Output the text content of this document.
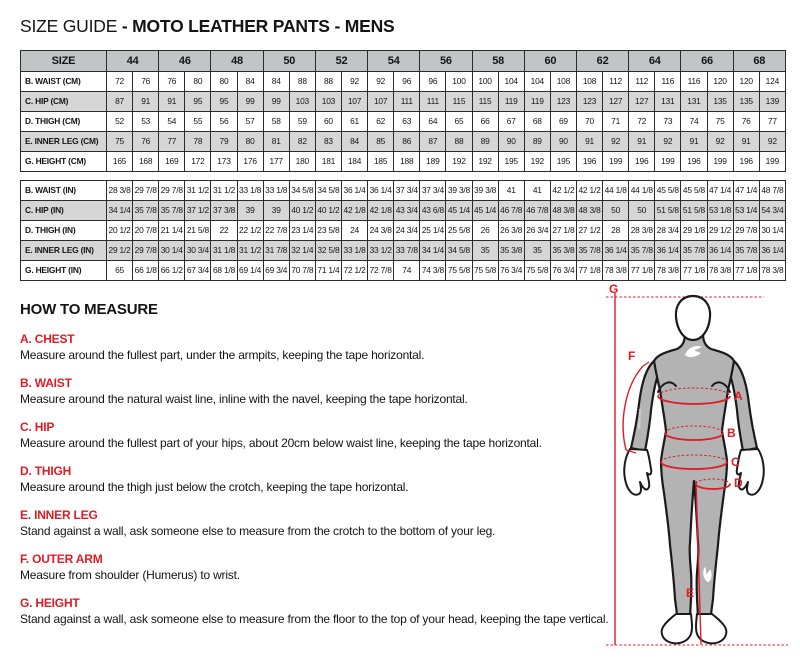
SIZE GUIDE - MOTO LEATHER PANTS - MENS
SIZE	44		46		48		50		52		54		56		58		60		62		64		66		68	
B. WAIST (CM)	72	76	76	80	80	84	84	88	88	92	92	96	96	100	100	104	104	108	108	112	112	116	116	120	120	124
C. HIP (CM)	87	91	91	95	95	99	99	103	103	107	107	111	111	115	115	119	119	123	123	127	127	131	131	135	135	139
D. THIGH (CM)	52	53	54	55	56	57	58	59	60	61	62	63	64	65	66	67	68	69	70	71	72	73	74	75	76	77
E. INNER LEG (CM)	75	76	77	78	79	80	81	82	83	84	85	86	87	88	89	90	89	90	91	92	91	92	91	92	91	92
G. HEIGHT (CM)	165	168	169	172	173	176	177	180	181	184	185	188	189	192	192	195	192	195	196	199	196	199	196	199	196	199

B. WAIST (IN)	28 3/8	29 7/8	29 7/8	31 1/2	31 1/2	33 1/8	33 1/8	34 5/8	34 5/8	36 1/4	36 1/4	37 3/4	37 3/4	39 3/8	39 3/8	41	41	42 1/2	42 1/2	44 1/8	44 1/8	45 5/8	45 5/8	47 1/4	47 1/4	48 7/8
C. HIP (IN)	34 1/4	35 7/8	35 7/8	37 1/2	37 3/8	39	39	40 1/2	40 1/2	42 1/8	42 1/8	43 3/4	43 6/8	45 1/4	45 1/4	46 7/8	46 7/8	48 3/8	48 3/8	50	50	51 5/8	51 5/8	53 1/8	53 1/4	54 3/4
D. THIGH (IN)	20 1/2	20 7/8	21 1/4	21 5/8	22	22 1/2	22 7/8	23 1/4	23 5/8	24	24 3/8	24 3/4	25 1/4	25 5/8	26	26 3/8	26 3/4	27 1/8	27 1/2	28	28 3/8	28 3/4	29 1/8	29 1/2	29 7/8	30 1/4
E. INNER LEG (IN)	29 1/2	29 7/8	30 1/4	30 3/4	31 1/8	31 1/2	31 7/8	32 1/4	32 5/8	33 1/8	33 1/2	33 7/8	34 1/4	34 5/8	35	35 3/8	35	35 3/8	35 7/8	36 1/4	35 7/8	36 1/4	35 7/8	36 1/4	35 7/8	36 1/4
G. HEIGHT (IN)	65	66 1/8	66 1/2	67 3/4	68 1/8	69 1/4	69 3/4	70 7/8	71 1/4	72 1/2	72 7/8	74	74 3/8	75 5/8	75 5/8	76 3/4	75 5/8	76 3/4	77 1/8	78 3/8	77 1/8	78 3/8	77 1/8	78 3/8	77 1/8	78 3/8
HOW TO MEASURE
A. CHEST
Measure around the fullest part, under the armpits, keeping the tape horizontal.
B. WAIST
Measure around the natural waist line, inline with the navel, keeping the tape horizontal.
C. HIP
Measure around the fullest part of your hips, about 20cm below waist line, keeping the tape horizontal.
D. THIGH
Measure around the thigh just below the crotch, keeping the tape horizontal.
E. INNER LEG
Stand against a wall, ask someone else to measure from the crotch to the bottom of your leg.
F. OUTER ARM
Measure from shoulder (Humerus) to wrist.
G. HEIGHT
Stand against a wall, ask someone else to measure from the floor to the top of your head, keeping the tape vertical.
alpinestars	alpinestars
A
B
C
D
E
F
G
